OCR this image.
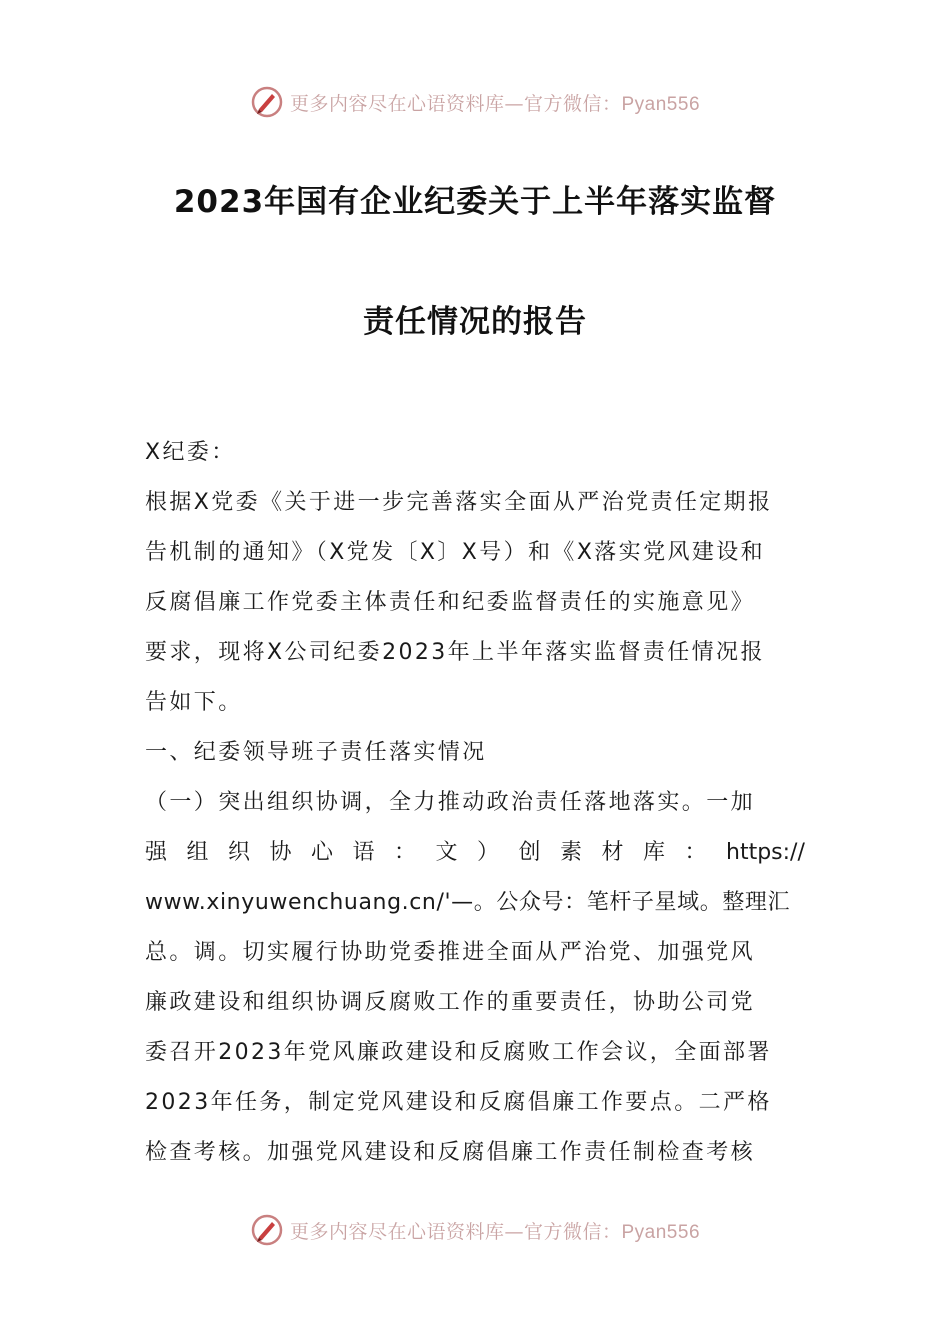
更多内容尽在心语资料库—官方微信：Pyan556
2023年国有企业纪委关于上半年落实监督
责任情况的报告
X纪委：
根据X党委《关于进一步完善落实全面从严治党责任定期报
告机制的通知》（X党发〔X〕X号）和《X落实党风建设和
反腐倡廉工作党委主体责任和纪委监督责任的实施意见》
要求，现将X公司纪委2023年上半年落实监督责任情况报
告如下。
一、纪委领导班子责任落实情况
（一）突出组织协调，全力推动政治责任落地落实。一加
强 组 织 协 心 语 ： 文 ） 创 素 材 库 ： https://
www.xinyuwenchuang.cn/'—。公众号：笔杆子星域。整理汇
总。调。切实履行协助党委推进全面从严治党、加强党风
廉政建设和组织协调反腐败工作的重要责任，协助公司党
委召开2023年党风廉政建设和反腐败工作会议，全面部署
2023年任务，制定党风建设和反腐倡廉工作要点。二严格
检查考核。加强党风建设和反腐倡廉工作责任制检查考核
更多内容尽在心语资料库—官方微信：Pyan556
